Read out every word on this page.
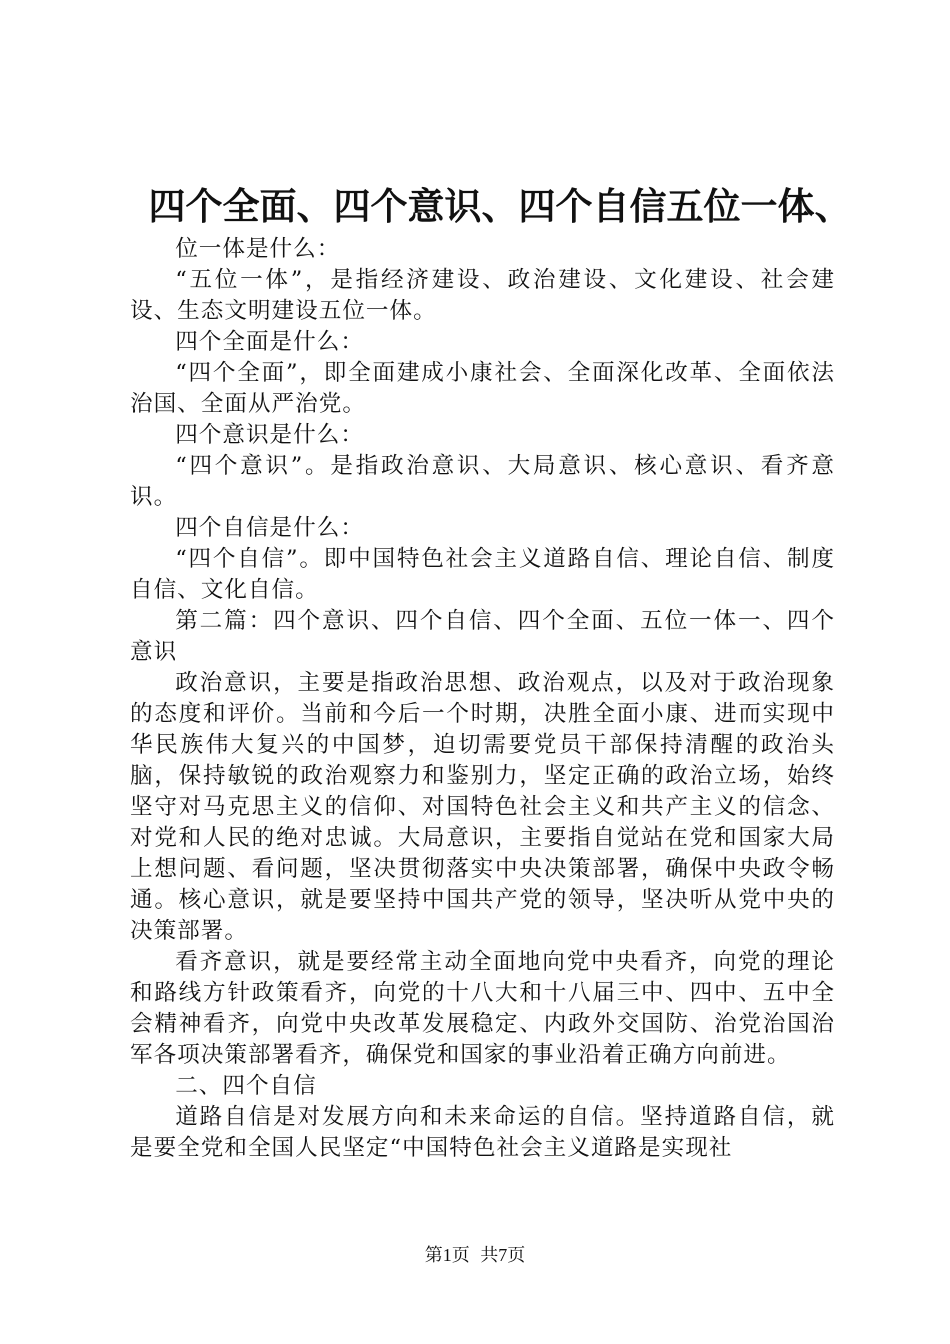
四个全面、四个意识、四个自信五位一体、

位一体是什么：

“五位一体”，是指经济建设、政治建设、文化建设、社会建设、生态文明建设五位一体。

四个全面是什么：

“四个全面”，即全面建成小康社会、全面深化改革、全面依法治国、全面从严治党。

四个意识是什么：

“四个意识”。是指政治意识、大局意识、核心意识、看齐意识。

四个自信是什么：

“四个自信”。即中国特色社会主义道路自信、理论自信、制度自信、文化自信。

第二篇：四个意识、四个自信、四个全面、五位一体一、四个意识

政治意识，主要是指政治思想、政治观点，以及对于政治现象的态度和评价。当前和今后一个时期，决胜全面小康、进而实现中华民族伟大复兴的中国梦，迫切需要党员干部保持清醒的政治头脑，保持敏锐的政治观察力和鉴别力，坚定正确的政治立场，始终坚守对马克思主义的信仰、对国特色社会主义和共产主义的信念、对党和人民的绝对忠诚。大局意识，主要指自觉站在党和国家大局上想问题、看问题，坚决贯彻落实中央决策部署，确保中央政令畅通。核心意识，就是要坚持中国共产党的领导，坚决听从党中央的决策部署。

看齐意识，就是要经常主动全面地向党中央看齐，向党的理论和路线方针政策看齐，向党的十八大和十八届三中、四中、五中全会精神看齐，向党中央改革发展稳定、内政外交国防、治党治国治军各项决策部署看齐，确保党和国家的事业沿着正确方向前进。

二、四个自信

道路自信是对发展方向和未来命运的自信。坚持道路自信，就是要全党和全国人民坚定“中国特色社会主义道路是实现社

第1页 共7页
